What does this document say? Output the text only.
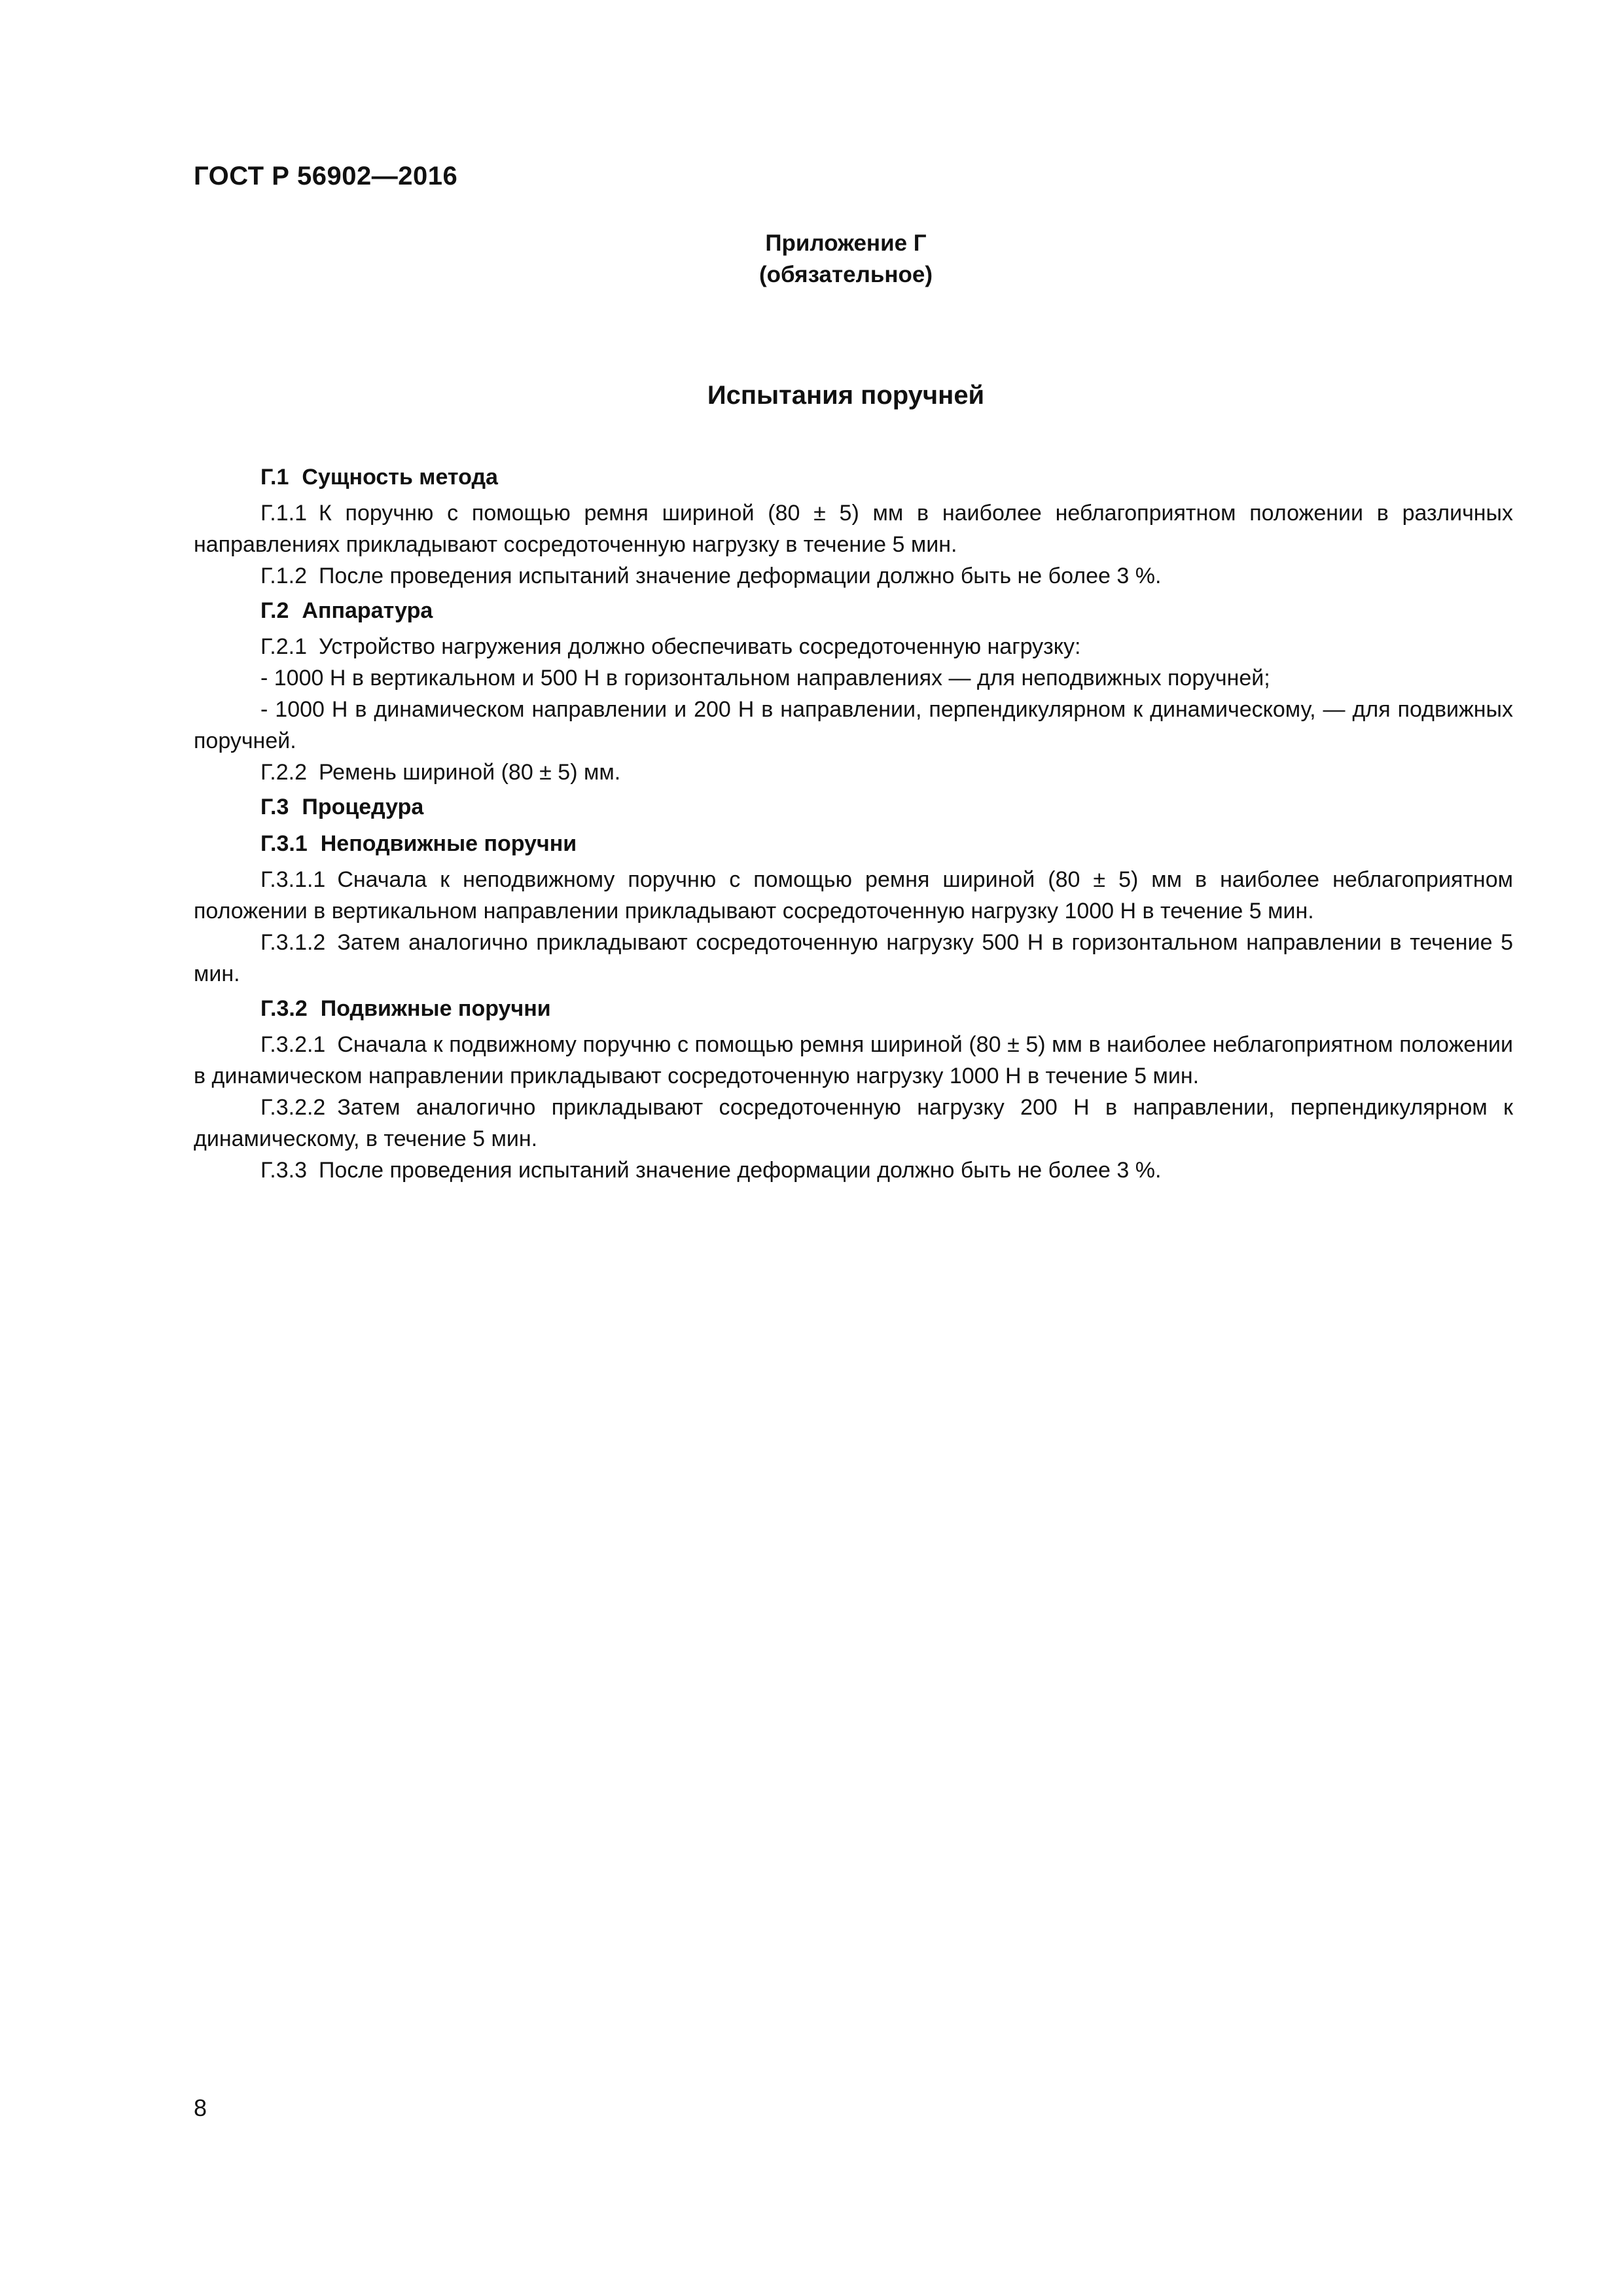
ГОСТ Р 56902—2016
Приложение Г
(обязательное)
Испытания поручней
Г.1 Сущность метода

Г.1.1 К поручню с помощью ремня шириной (80 ± 5) мм в наиболее неблагоприятном положении в различных направлениях прикладывают сосредоточенную нагрузку в течение 5 мин.

Г.1.2 После проведения испытаний значение деформации должно быть не более 3 %.

Г.2 Аппаратура

Г.2.1 Устройство нагружения должно обеспечивать сосредоточенную нагрузку:

- 1000 Н в вертикальном и 500 Н в горизонтальном направлениях — для неподвижных поручней;

- 1000 Н в динамическом направлении и 200 Н в направлении, перпендикулярном к динамическому, — для подвижных поручней.

Г.2.2 Ремень шириной (80 ± 5) мм.

Г.3 Процедура
Г.3.1 Неподвижные поручни

Г.3.1.1 Сначала к неподвижному поручню с помощью ремня шириной (80 ± 5) мм в наиболее неблагоприятном положении в вертикальном направлении прикладывают сосредоточенную нагрузку 1000 Н в течение 5 мин.

Г.3.1.2 Затем аналогично прикладывают сосредоточенную нагрузку 500 Н в горизонтальном направлении в течение 5 мин.

Г.3.2 Подвижные поручни

Г.3.2.1 Сначала к подвижному поручню с помощью ремня шириной (80 ± 5) мм в наиболее неблагоприятном положении в динамическом направлении прикладывают сосредоточенную нагрузку 1000 Н в течение 5 мин.

Г.3.2.2 Затем аналогично прикладывают сосредоточенную нагрузку 200 Н в направлении, перпендикулярном к динамическому, в течение 5 мин.

Г.3.3 После проведения испытаний значение деформации должно быть не более 3 %.

8
